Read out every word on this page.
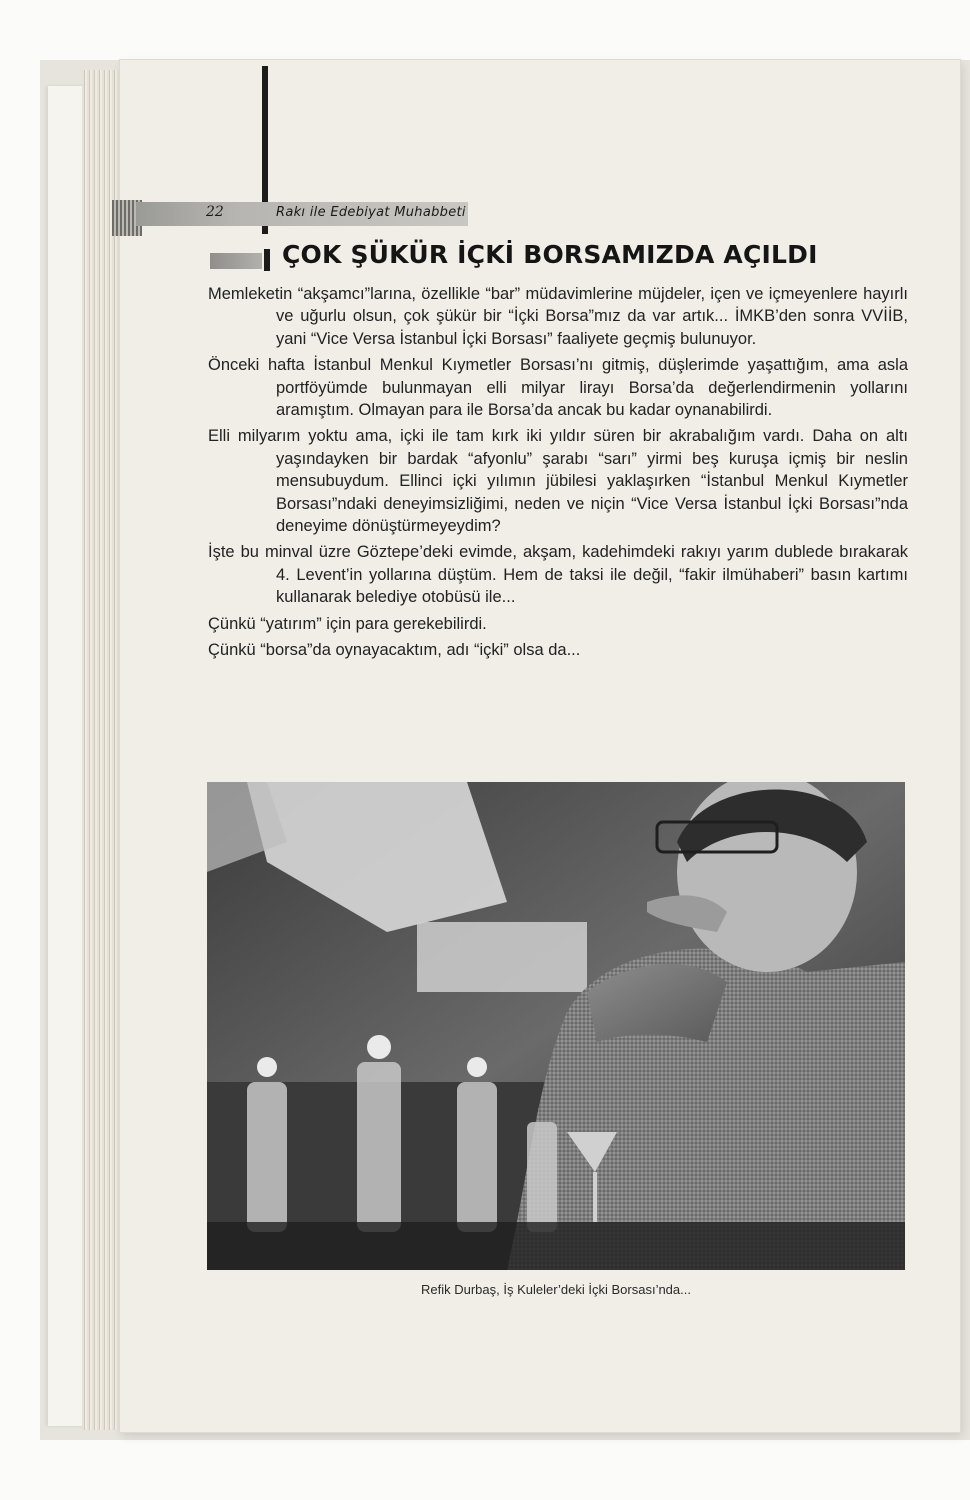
22	Rakı ile Edebiyat Muhabbeti
ÇOK ŞÜKÜR İÇKİ BORSAMIZDA AÇILDI

Memleketin “akşamcı”larına, özellikle “bar” müdavimlerine müjdeler, içen ve içmeyenlere hayırlı ve uğurlu olsun, çok şükür bir “İçki Borsa”mız da var artık... İMKB’den sonra VVİİB, yani “Vice Versa İstanbul İçki Borsası” faaliyete geçmiş bulunuyor.

Önceki hafta İstanbul Menkul Kıymetler Borsası’nı gitmiş, düşlerimde yaşattığım, ama asla portföyümde bulunmayan elli milyar lirayı Borsa’da değerlendirmenin yollarını aramıştım. Olmayan para ile Borsa’da ancak bu kadar oynanabilirdi.

Elli milyarım yoktu ama, içki ile tam kırk iki yıldır süren bir akrabalığım vardı. Daha on altı yaşındayken bir bardak “afyonlu” şarabı “sarı” yirmi beş kuruşa içmiş bir neslin mensubuydum. Ellinci içki yılımın jübilesi yaklaşırken “İstanbul Menkul Kıymetler Borsası”ndaki deneyimsizliğimi, neden ve niçin “Vice Versa İstanbul İçki Borsası”nda deneyime dönüştürmeyeydim?

İşte bu minval üzre Göztepe’deki evimde, akşam, kadehimdeki rakıyı yarım dublede bırakarak 4. Levent’in yollarına düştüm. Hem de taksi ile değil, “fakir ilmühaberi” basın kartımı kullanarak belediye otobüsü ile...

Çünkü “yatırım” için para gerekebilirdi.

Çünkü “borsa”da oynayacaktım, adı “içki” olsa da...

Refik Durbaş, İş Kuleler’deki İçki Borsası’nda...
